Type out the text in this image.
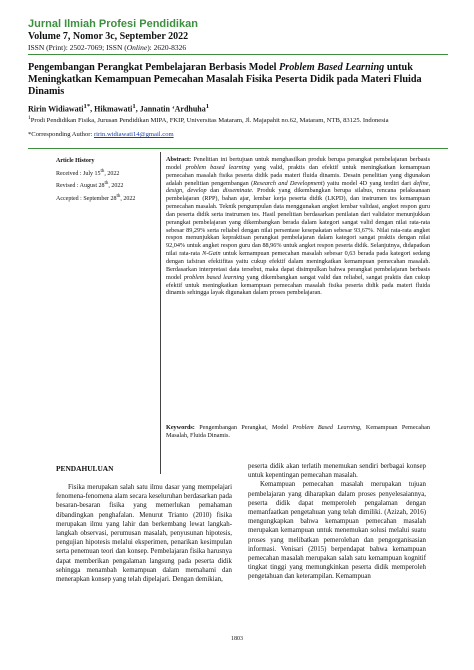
Jurnal Ilmiah Profesi Pendidikan
Volume 7, Nomor 3c, September 2022
ISSN (Print): 2502-7069; ISSN (Online): 2620-8326
Pengembangan Perangkat Pembelajaran Berbasis Model Problem Based Learning untuk Meningkatkan Kemampuan Pemecahan Masalah Fisika Peserta Didik pada Materi Fluida Dinamis
Ririn Widiawati$^{1*}$, Hikmawati$^1$, Jannatin ‘Ardhuha$^1$
$^1$Prodi Pendidikan Fisika, Jurusan Pendidikan MIPA, FKIP, Universitas Mataram, Jl. Majapahit no.62, Mataram, NTB, 83125. Indonesia
*Corresponding Author: ririn.widiawati14@gmail.com
Article History
Received : July 15th, 2022
Revised : August 28th, 2022
Accepted : September 28th, 2022
Abstract: Penelitian ini bertujuan untuk menghasilkan produk berupa perangkat pembelajaran berbasis model problem based learning yang valid, praktis dan efektif untuk meningkatkan kemampuan pemecahan masalah fisika peserta didik pada materi fluida dinamis. Desain penelitian yang digunakan adalah penelitian pengembangan (Research and Development) yaitu model 4D yang terdiri dari define, design, develop dan disseminate. Produk yang dikembangkan berupa silabus, rencana pelaksanaan pembelajaran (RPP), bahan ajar, lembar kerja peserta didik (LKPD), dan instrumen tes kemampuan pemecahan masalah. Teknik pengumpulan data menggunakan angket lembar validasi, angket respon guru dan peserta didik serta instrumen tes. Hasil penelitian berdasarkan penilaian dari validator menunjukkan perangkat pembelajaran yang dikembangkan berada dalam kategori sangat valid dengan nilai rata-rata sebesar 89,29% serta reliabel dengan nilai persentase kesepakatan sebesar 93,67%. Nilai rata-rata angket respon menunjukkan kepraktisan perangkat pembelajaran dalam kategori sangat praktis dengan nilai 92,04% untuk angket respon guru dan 88,96% untuk angket respon peserta didik. Selanjutnya, didapatkan nilai rata-rata N-Gain untuk kemampuan pemecahan masalah sebesar 0,63 berada pada kategori sedang dengan tafsiran efektifitas yaitu cukup efektif dalam meningkatkan kemampuan pemecahan masalah. Berdasarkan interpretasi data tersebut, maka dapat disimpulkan bahwa perangkat pembelajaran berbasis model problem based learning yang dikembangkan sangat valid dan reliabel, sangat praktis dan cukup efektif untuk meningkatkan kemampuan pemecahan masalah fisika peserta didik pada materi fluida dinamis sehingga layak digunakan dalam proses pembelajaran.
Keywords: Pengembangan Perangkat, Model Problem Based Learning, Kemampuan Pemecahan Masalah, Fluida Dinamis.
PENDAHULUAN

Fisika merupakan salah satu ilmu dasar yang mempelajari fenomena-fenomena alam secara keseluruhan berdasarkan pada besaran-besaran fisika yang memerlukan pemahaman dibandingkan penghafalan. Menurut Trianto (2010) fisika merupakan ilmu yang lahir dan berkembang lewat langkah-langkah observasi, perumusan masalah, penyusunan hipotesis, pengujian hipotesis melalui eksperimen, penarikan kesimpulan serta penemuan teori dan konsep. Pembelajaran fisika harusnya dapat memberikan pengalaman langsung pada peserta didik sehingga menambah kemampuan dalam memahami dan menerapkan konsep yang telah dipelajari. Dengan demikian,

peserta didik akan terlatih menemukan sendiri berbagai konsep untuk kepentingan pemecahan masalah.

Kemampuan pemecahan masalah merupakan tujuan pembelajaran yang diharapkan dalam proses penyelesaiannya, peserta didik dapat memperoleh pengalaman dengan memanfaatkan pengetahuan yang telah dimiliki. (Azizah, 2016) mengungkapkan bahwa kemampuan pemecahan masalah merupakan kemampuan untuk menemukan solusi melalui suatu proses yang melibatkan pemerolehan dan pengorganisasian informasi. Venisari (2015) berpendapat bahwa kemampuan pemecahan masalah merupakan salah satu kemampuan kognitif tingkat tinggi yang memungkinkan peserta didik memperoleh pengetahuan dan keterampilan. Kemampuan

1803
